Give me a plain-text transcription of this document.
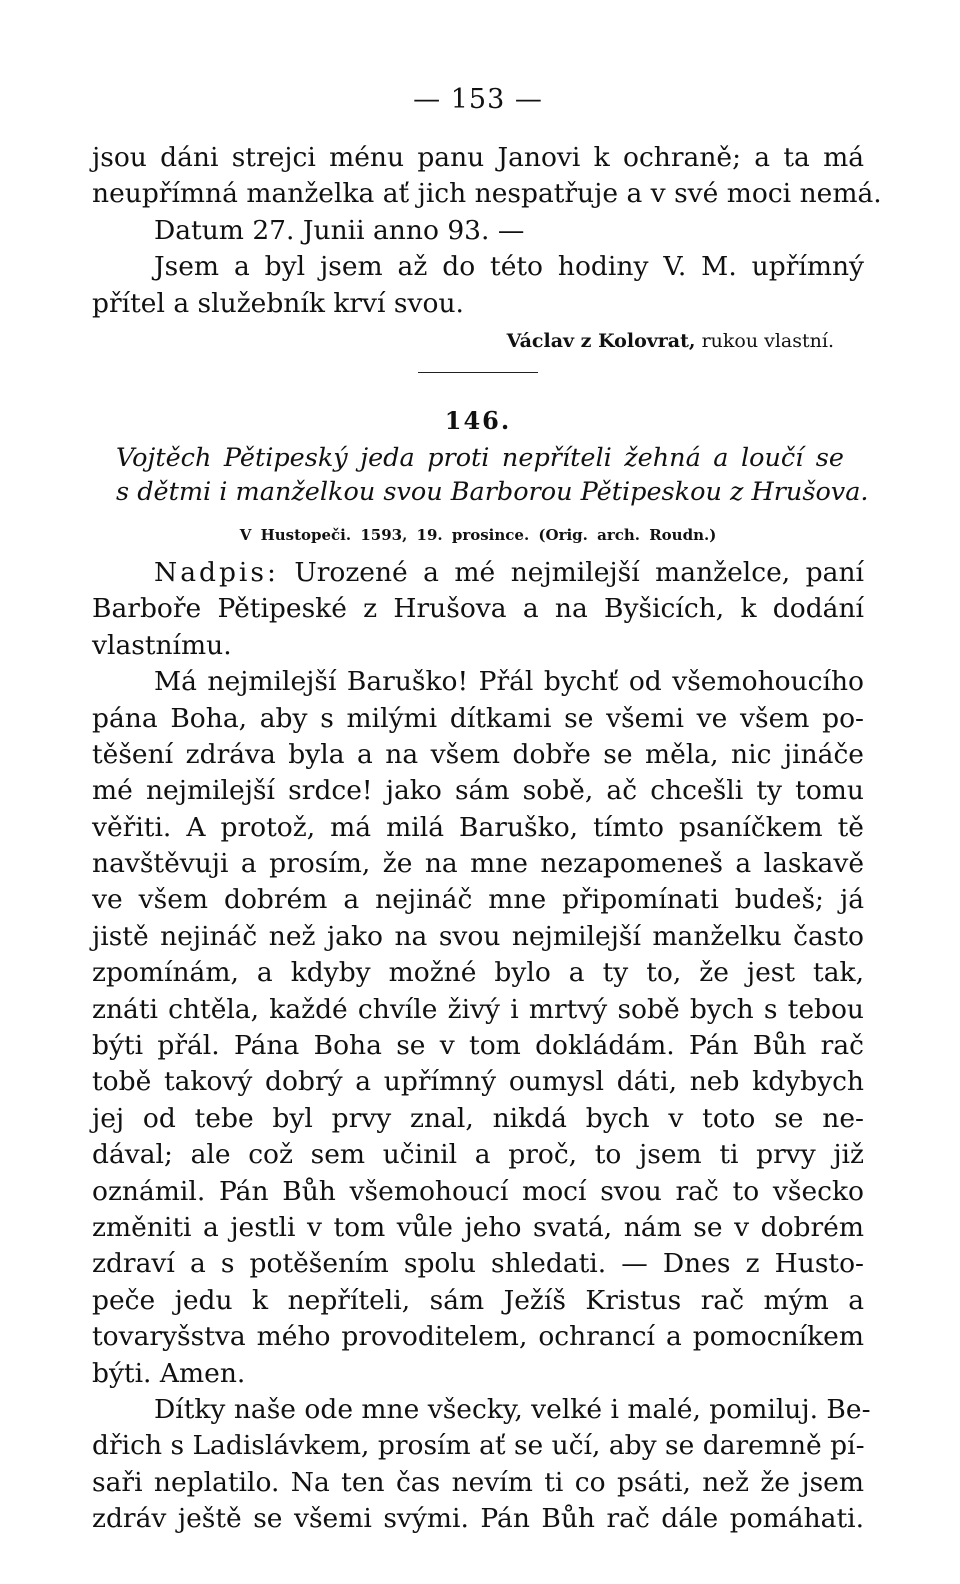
— 153 —
jsou dáni strejci ménu panu Janovi k ochraně; a ta má
neupřímná manželka ať jich nespatřuje a v své moci nemá.
Datum 27. Junii anno 93. —
Jsem a byl jsem až do této hodiny V. M. upřímný
přítel a služebník krví svou.
Václav z Kolovrat, rukou vlastní.
146.
Vojtěch Pětipeský jeda proti nepříteli žehná a loučí se
s dětmi i manželkou svou Barborou Pětipeskou z Hrušova.
V Hustopeči. 1593, 19. prosince. (Orig. arch. Roudn.)
Nadpis: Urozené a mé nejmilejší manželce, paní
Barboře Pětipeské z Hrušova a na Byšicích, k dodání
vlastnímu.
Má nejmilejší Baruško! Přál bychť od všemohoucího
pána Boha, aby s milými dítkami se všemi ve všem po-
těšení zdráva byla a na všem dobře se měla, nic jináče
mé nejmilejší srdce! jako sám sobě, ač chcešli ty tomu
věřiti. A protož, má milá Baruško, tímto psaníčkem tě
navštěvuji a prosím, že na mne nezapomeneš a laskavě
ve všem dobrém a nejináč mne připomínati budeš; já
jistě nejináč než jako na svou nejmilejší manželku často
zpomínám, a kdyby možné bylo a ty to, že jest tak,
znáti chtěla, každé chvíle živý i mrtvý sobě bych s tebou
býti přál. Pána Boha se v tom dokládám. Pán Bůh rač
tobě takový dobrý a upřímný oumysl dáti, neb kdybych
jej od tebe byl prvy znal, nikdá bych v toto se ne-
dával; ale což sem učinil a proč, to jsem ti prvy již
oznámil. Pán Bůh všemohoucí mocí svou rač to všecko
změniti a jestli v tom vůle jeho svatá, nám se v dobrém
zdraví a s potěšením spolu shledati. — Dnes z Husto-
peče jedu k nepříteli, sám Ježíš Kristus rač mým a
tovaryšstva mého provoditelem, ochrancí a pomocníkem
býti. Amen.
Dítky naše ode mne všecky, velké i malé, pomiluj. Be-
dřich s Ladislávkem, prosím ať se učí, aby se daremně pí-
saři neplatilo. Na ten čas nevím ti co psáti, než že jsem
zdráv ještě se všemi svými. Pán Bůh rač dále pomáhati.
